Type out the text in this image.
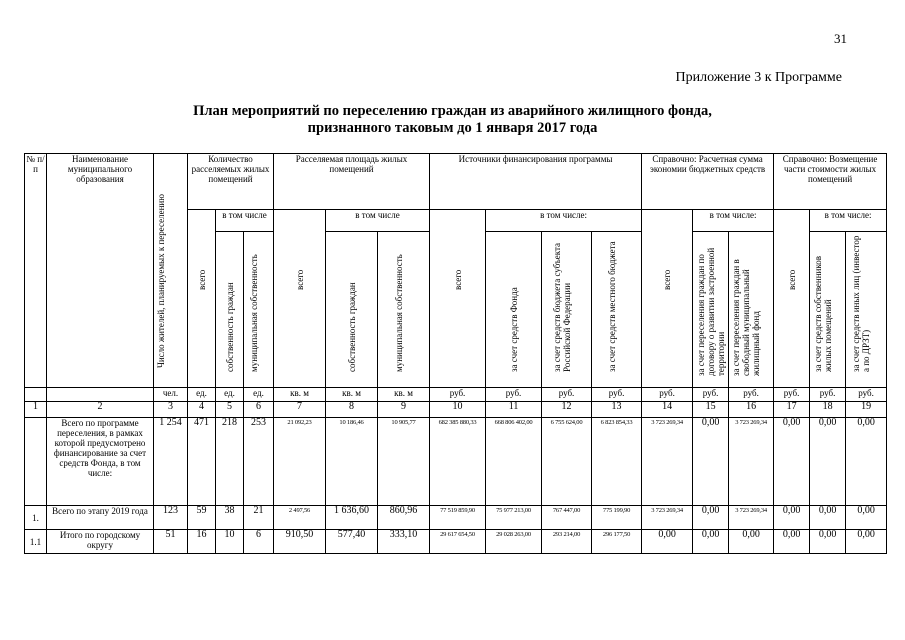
31
Приложение 3 к Программе
План мероприятий по переселению граждан из аварийного жилищного фонда,
признанного таковым до 1 января 2017 года
№ п/п	Наименование муниципального образования	Число жителей, планируемых к переселению	Количество расселяемых жилых помещений			Расселяемая площадь жилых помещений			Источники финансирования программы				Справочно: Расчетная сумма экономии бюджетных средств			Справочно: Возмещение части стоимости жилых помещений		
			всего	в том числе		всего	в том числе		всего	в том числе:			всего	в том числе:		всего	в том числе:	
				собственность граждан	муниципальная собственность		собственность граждан	муниципальная собственность		за счет средств Фонда	за счет средств бюджета субъекта Российской Федерации	за счет средств местного бюджета		за счет переселения граждан по договору о развитии застроенной территории	за счет переселения граждан в свободный муниципальный жилищный фонд		за счет средств собственников жилых помещений	за счет средств иных лиц (инвестор а по ДРЗТ)
		чел.	ед.	ед.	ед.	кв. м	кв. м	кв. м	руб.	руб.	руб.	руб.	руб.	руб.	руб.	руб.	руб.	руб.
1	2	3	4	5	6	7	8	9	10	11	12	13	14	15	16	17	18	19
	Всего по программе переселения, в рамках которой предусмотрено финансирование за счет средств Фонда, в том числе:	1 254	471	218	253	21 092,23	10 186,46	10 905,77	682 385 880,33	668 806 402,00	6 755 624,00	6 823 854,33	3 723 269,34	0,00	3 723 269,34	0,00	0,00	0,00
1.	Всего по этапу 2019 года	123	59	38	21	2 497,56	1 636,60	860,96	77 519 859,90	75 977 213,00	767 447,00	775 199,90	3 723 269,34	0,00	3 723 269,34	0,00	0,00	0,00
1.1	Итого по городскому округу	51	16	10	6	910,50	577,40	333,10	29 617 654,50	29 028 263,00	293 214,00	296 177,50	0,00	0,00	0,00	0,00	0,00	0,00
